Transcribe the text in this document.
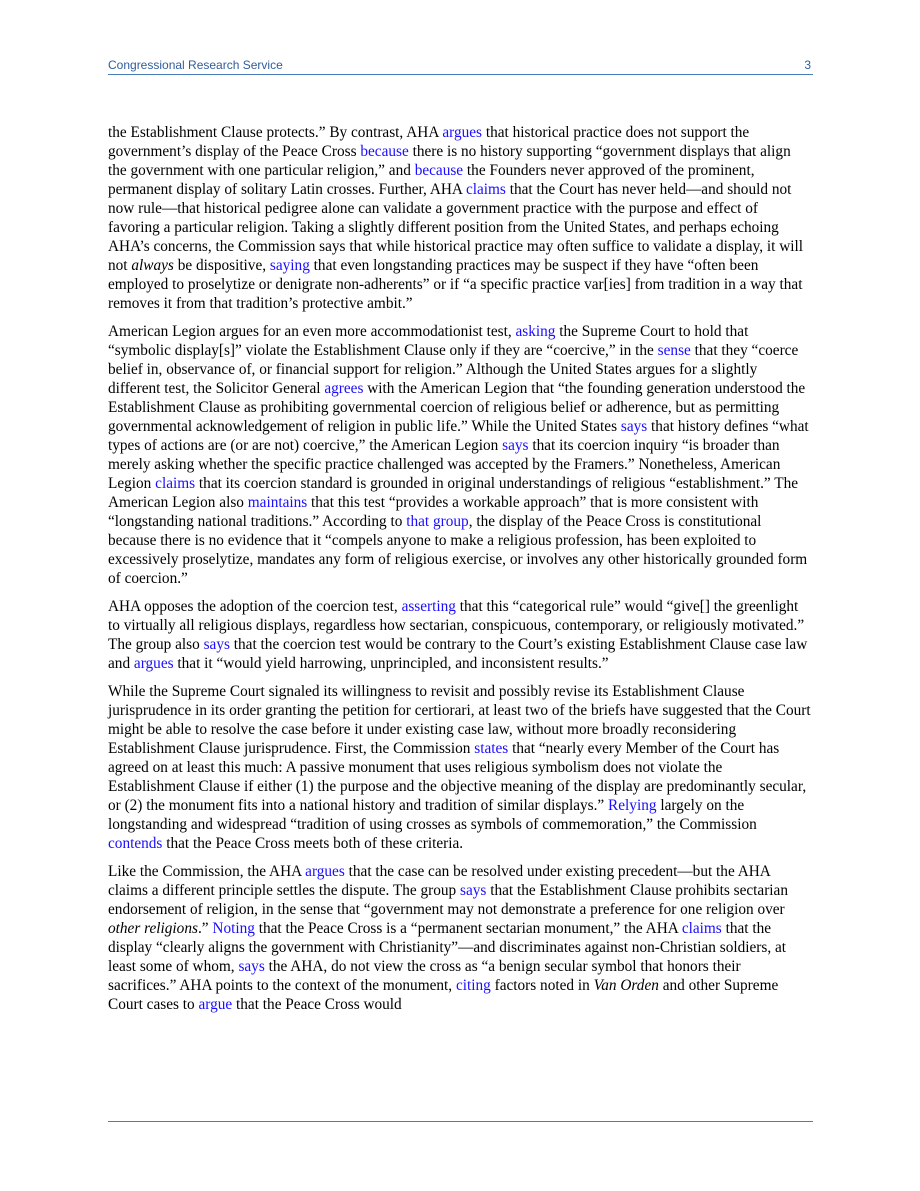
Congressional Research Service	3

the Establishment Clause protects.” By contrast, AHA argues that historical practice does not support the government’s display of the Peace Cross because there is no history supporting “government displays that align the government with one particular religion,” and because the Founders never approved of the prominent, permanent display of solitary Latin crosses. Further, AHA claims that the Court has never held—and should not now rule—that historical pedigree alone can validate a government practice with the purpose and effect of favoring a particular religion. Taking a slightly different position from the United States, and perhaps echoing AHA’s concerns, the Commission says that while historical practice may often suffice to validate a display, it will not always be dispositive, saying that even longstanding practices may be suspect if they have “often been employed to proselytize or denigrate non-adherents” or if “a specific practice var[ies] from tradition in a way that removes it from that tradition’s protective ambit.”

American Legion argues for an even more accommodationist test, asking the Supreme Court to hold that “symbolic display[s]” violate the Establishment Clause only if they are “coercive,” in the sense that they “coerce belief in, observance of, or financial support for religion.” Although the United States argues for a slightly different test, the Solicitor General agrees with the American Legion that “the founding generation understood the Establishment Clause as prohibiting governmental coercion of religious belief or adherence, but as permitting governmental acknowledgement of religion in public life.” While the United States says that history defines “what types of actions are (or are not) coercive,” the American Legion says that its coercion inquiry “is broader than merely asking whether the specific practice challenged was accepted by the Framers.” Nonetheless, American Legion claims that its coercion standard is grounded in original understandings of religious “establishment.” The American Legion also maintains that this test “provides a workable approach” that is more consistent with “longstanding national traditions.” According to that group, the display of the Peace Cross is constitutional because there is no evidence that it “compels anyone to make a religious profession, has been exploited to excessively proselytize, mandates any form of religious exercise, or involves any other historically grounded form of coercion.”

AHA opposes the adoption of the coercion test, asserting that this “categorical rule” would “give[] the greenlight to virtually all religious displays, regardless how sectarian, conspicuous, contemporary, or religiously motivated.” The group also says that the coercion test would be contrary to the Court’s existing Establishment Clause case law and argues that it “would yield harrowing, unprincipled, and inconsistent results.”

While the Supreme Court signaled its willingness to revisit and possibly revise its Establishment Clause jurisprudence in its order granting the petition for certiorari, at least two of the briefs have suggested that the Court might be able to resolve the case before it under existing case law, without more broadly reconsidering Establishment Clause jurisprudence. First, the Commission states that “nearly every Member of the Court has agreed on at least this much: A passive monument that uses religious symbolism does not violate the Establishment Clause if either (1) the purpose and the objective meaning of the display are predominantly secular, or (2) the monument fits into a national history and tradition of similar displays.” Relying largely on the longstanding and widespread “tradition of using crosses as symbols of commemoration,” the Commission contends that the Peace Cross meets both of these criteria.

Like the Commission, the AHA argues that the case can be resolved under existing precedent—but the AHA claims a different principle settles the dispute. The group says that the Establishment Clause prohibits sectarian endorsement of religion, in the sense that “government may not demonstrate a preference for one religion over other religions.” Noting that the Peace Cross is a “permanent sectarian monument,” the AHA claims that the display “clearly aligns the government with Christianity”—and discriminates against non-Christian soldiers, at least some of whom, says the AHA, do not view the cross as “a benign secular symbol that honors their sacrifices.” AHA points to the context of the monument, citing factors noted in Van Orden and other Supreme Court cases to argue that the Peace Cross would
